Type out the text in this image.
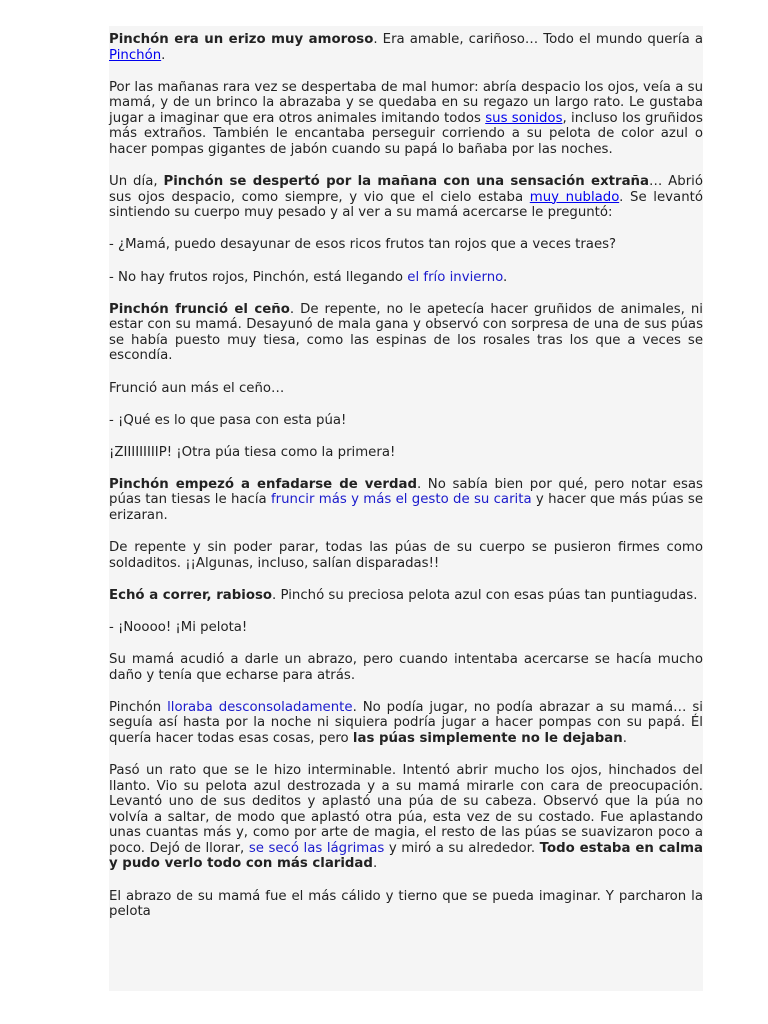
Pinchón era un erizo muy amoroso. Era amable, cariñoso… Todo el mundo quería a Pinchón.

Por las mañanas rara vez se despertaba de mal humor: abría despacio los ojos, veía a su mamá, y de un brinco la abrazaba y se quedaba en su regazo un largo rato. Le gustaba jugar a imaginar que era otros animales imitando todos sus sonidos, incluso los gruñidos más extraños. También le encantaba perseguir corriendo a su pelota de color azul o hacer pompas gigantes de jabón cuando su papá lo bañaba por las noches.

Un día, Pinchón se despertó por la mañana con una sensación extraña… Abrió sus ojos despacio, como siempre, y vio que el cielo estaba muy nublado. Se levantó sintiendo su cuerpo muy pesado y al ver a su mamá acercarse le preguntó:

- ¿Mamá, puedo desayunar de esos ricos frutos tan rojos que a veces traes?

- No hay frutos rojos, Pinchón, está llegando el frío invierno.

Pinchón frunció el ceño. De repente, no le apetecía hacer gruñidos de animales, ni estar con su mamá. Desayunó de mala gana y observó con sorpresa de una de sus púas se había puesto muy tiesa, como las espinas de los rosales tras los que a veces se escondía.

Frunció aun más el ceño…

- ¡Qué es lo que pasa con esta púa!

¡ZIIIIIIIIIP! ¡Otra púa tiesa como la primera!

Pinchón empezó a enfadarse de verdad. No sabía bien por qué, pero notar esas púas tan tiesas le hacía fruncir más y más el gesto de su carita y hacer que más púas se erizaran.

De repente y sin poder parar, todas las púas de su cuerpo se pusieron firmes como soldaditos. ¡¡Algunas, incluso, salían disparadas!!

Echó a correr, rabioso. Pinchó su preciosa pelota azul con esas púas tan puntiagudas.

- ¡Noooo! ¡Mi pelota!

Su mamá acudió a darle un abrazo, pero cuando intentaba acercarse se hacía mucho daño y tenía que echarse para atrás.

Pinchón lloraba desconsoladamente. No podía jugar, no podía abrazar a su mamá… si seguía así hasta por la noche ni siquiera podría jugar a hacer pompas con su papá. Él quería hacer todas esas cosas, pero las púas simplemente no le dejaban.

Pasó un rato que se le hizo interminable. Intentó abrir mucho los ojos, hinchados del llanto. Vio su pelota azul destrozada y a su mamá mirarle con cara de preocupación. Levantó uno de sus deditos y aplastó una púa de su cabeza. Observó que la púa no volvía a saltar, de modo que aplastó otra púa, esta vez de su costado. Fue aplastando unas cuantas más y, como por arte de magia, el resto de las púas se suavizaron poco a poco. Dejó de llorar, se secó las lágrimas y miró a su alrededor. Todo estaba en calma y pudo verlo todo con más claridad.

El abrazo de su mamá fue el más cálido y tierno que se pueda imaginar. Y parcharon la pelota
